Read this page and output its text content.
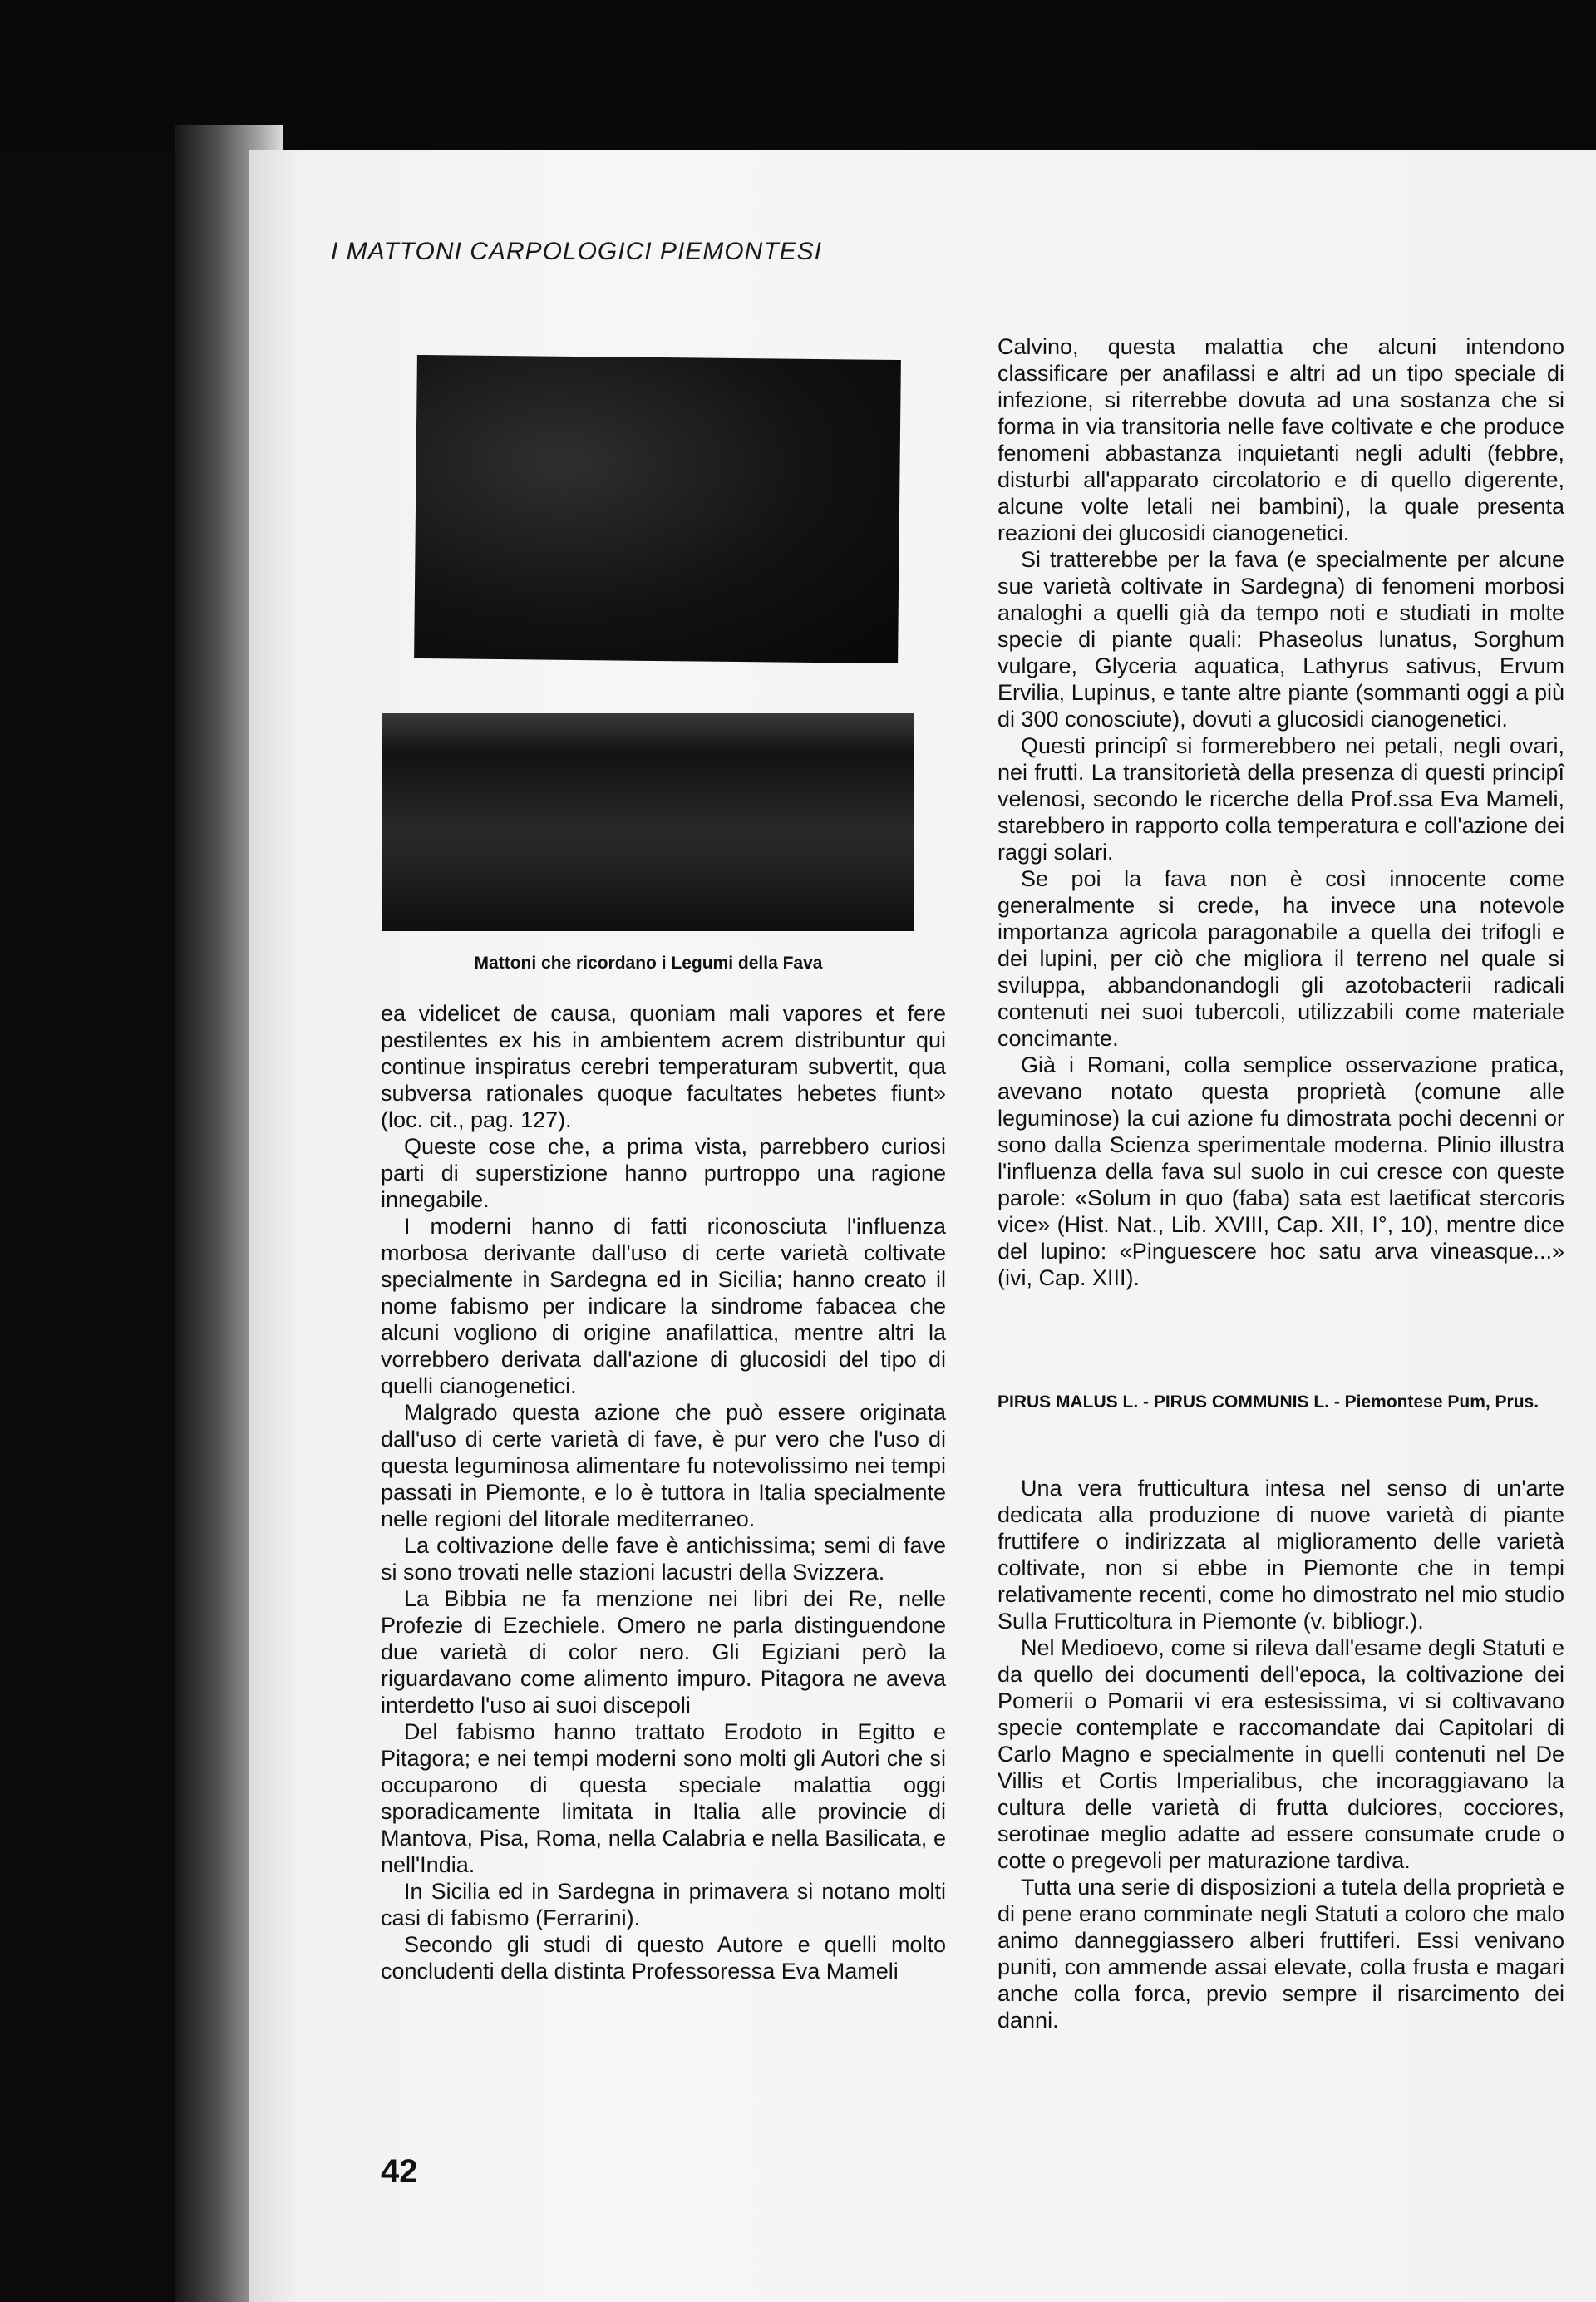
I MATTONI CARPOLOGICI PIEMONTESI
Mattoni che ricordano i Legumi della Fava

ea videlicet de causa, quoniam mali vapores et fere pestilentes ex his in ambientem acrem distribuntur qui continue inspiratus cerebri temperaturam subvertit, qua subversa rationales quoque facultates hebetes fiunt» (loc. cit., pag. 127).

Queste cose che, a prima vista, parrebbero curiosi parti di superstizione hanno purtroppo una ragione innegabile.

I moderni hanno di fatti riconosciuta l'influenza morbosa derivante dall'uso di certe varietà coltivate specialmente in Sardegna ed in Sicilia; hanno creato il nome fabismo per indicare la sindrome fabacea che alcuni vogliono di origine anafilattica, mentre altri la vorrebbero derivata dall'azione di glucosidi del tipo di quelli cianogenetici.

Malgrado questa azione che può essere originata dall'uso di certe varietà di fave, è pur vero che l'uso di questa leguminosa alimentare fu notevolissimo nei tempi passati in Piemonte, e lo è tuttora in Italia specialmente nelle regioni del litorale mediterraneo.

La coltivazione delle fave è antichissima; semi di fave si sono trovati nelle stazioni lacustri della Svizzera.

La Bibbia ne fa menzione nei libri dei Re, nelle Profezie di Ezechiele. Omero ne parla distinguendone due varietà di color nero. Gli Egiziani però la riguardavano come alimento impuro. Pitagora ne aveva interdetto l'uso ai suoi discepoli

Del fabismo hanno trattato Erodoto in Egitto e Pitagora; e nei tempi moderni sono molti gli Autori che si occuparono di questa speciale malattia oggi sporadicamente limitata in Italia alle provincie di Mantova, Pisa, Roma, nella Calabria e nella Basilicata, e nell'India.

In Sicilia ed in Sardegna in primavera si notano molti casi di fabismo (Ferrarini).

Secondo gli studi di questo Autore e quelli molto concludenti della distinta Professoressa Eva Mameli

Calvino, questa malattia che alcuni intendono classificare per anafilassi e altri ad un tipo speciale di infezione, si riterrebbe dovuta ad una sostanza che si forma in via transitoria nelle fave coltivate e che produce fenomeni abbastanza inquietanti negli adulti (febbre, disturbi all'apparato circolatorio e di quello digerente, alcune volte letali nei bambini), la quale presenta reazioni dei glucosidi cianogenetici.

Si tratterebbe per la fava (e specialmente per alcune sue varietà coltivate in Sardegna) di fenomeni morbosi analoghi a quelli già da tempo noti e studiati in molte specie di piante quali: Phaseolus lunatus, Sorghum vulgare, Glyceria aquatica, Lathyrus sativus, Ervum Ervilia, Lupinus, e tante altre piante (sommanti oggi a più di 300 conosciute), dovuti a glucosidi cianogenetici.

Questi principî si formerebbero nei petali, negli ovari, nei frutti. La transitorietà della presenza di questi principî velenosi, secondo le ricerche della Prof.ssa Eva Mameli, starebbero in rapporto colla temperatura e coll'azione dei raggi solari.

Se poi la fava non è così innocente come generalmente si crede, ha invece una notevole importanza agricola paragonabile a quella dei trifogli e dei lupini, per ciò che migliora il terreno nel quale si sviluppa, abbandonandogli gli azotobacterii radicali contenuti nei suoi tubercoli, utilizzabili come materiale concimante.

Già i Romani, colla semplice osservazione pratica, avevano notato questa proprietà (comune alle leguminose) la cui azione fu dimostrata pochi decenni or sono dalla Scienza sperimentale moderna. Plinio illustra l'influenza della fava sul suolo in cui cresce con queste parole: «Solum in quo (faba) sata est laetificat stercoris vice» (Hist. Nat., Lib. XVIII, Cap. XII, I°, 10), mentre dice del lupino: «Pinguescere hoc satu arva vineasque...» (ivi, Cap. XIII).

PIRUS MALUS L. - PIRUS COMMUNIS L. - Piemontese Pum, Prus.

Una vera frutticultura intesa nel senso di un'arte dedicata alla produzione di nuove varietà di piante fruttifere o indirizzata al miglioramento delle varietà coltivate, non si ebbe in Piemonte che in tempi relativamente recenti, come ho dimostrato nel mio studio Sulla Frutticoltura in Piemonte (v. bibliogr.).

Nel Medioevo, come si rileva dall'esame degli Statuti e da quello dei documenti dell'epoca, la coltivazione dei Pomerii o Pomarii vi era estesissima, vi si coltivavano specie contemplate e raccomandate dai Capitolari di Carlo Magno e specialmente in quelli contenuti nel De Villis et Cortis Imperialibus, che incoraggiavano la cultura delle varietà di frutta dulciores, cocciores, serotinae meglio adatte ad essere consumate crude o cotte o pregevoli per maturazione tardiva.

Tutta una serie di disposizioni a tutela della proprietà e di pene erano comminate negli Statuti a coloro che malo animo danneggiassero alberi fruttiferi. Essi venivano puniti, con ammende assai elevate, colla frusta e magari anche colla forca, previo sempre il risarcimento dei danni.

42
